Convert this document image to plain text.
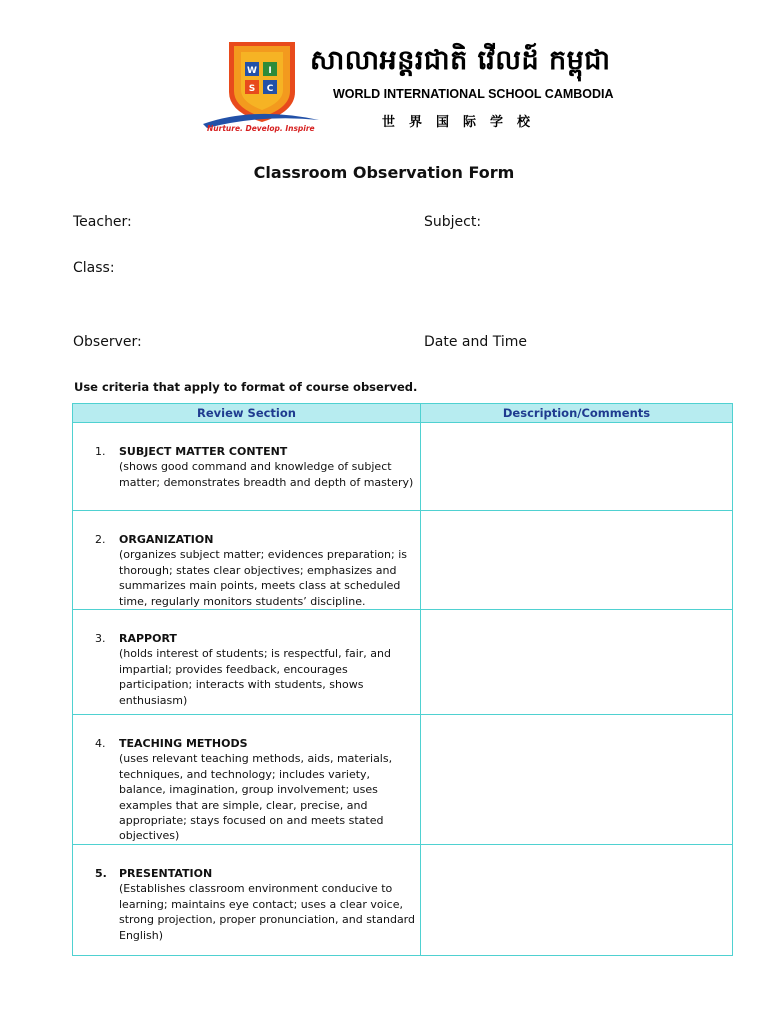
W I
S C
Nurture. Develop. Inspire
សាលាអន្តរជាតិ វើលដ៍ កម្ពុជា
WORLD INTERNATIONAL SCHOOL CAMBODIA
世界国际学校
Classroom Observation Form
Teacher:	Subject:
Class:
Observer:	Date and Time
Use criteria that apply to format of course observed.
Review Section	Description/Comments

1. SUBJECT MATTER CONTENT
(shows good command and knowledge of subject matter; demonstrates breadth and depth of mastery)	

2. ORGANIZATION
(organizes subject matter; evidences preparation; is thorough; states clear objectives; emphasizes and summarizes main points, meets class at scheduled time, regularly monitors students’ discipline.	

3. RAPPORT
(holds interest of students; is respectful, fair, and impartial; provides feedback, encourages participation; interacts with students, shows enthusiasm)	

4. TEACHING METHODS
(uses relevant teaching methods, aids, materials, techniques, and technology; includes variety, balance, imagination, group involvement; uses examples that are simple, clear, precise, and appropriate; stays focused on and meets stated objectives)	

5. PRESENTATION
(Establishes classroom environment conducive to learning; maintains eye contact; uses a clear voice, strong projection, proper pronunciation, and standard English)	
